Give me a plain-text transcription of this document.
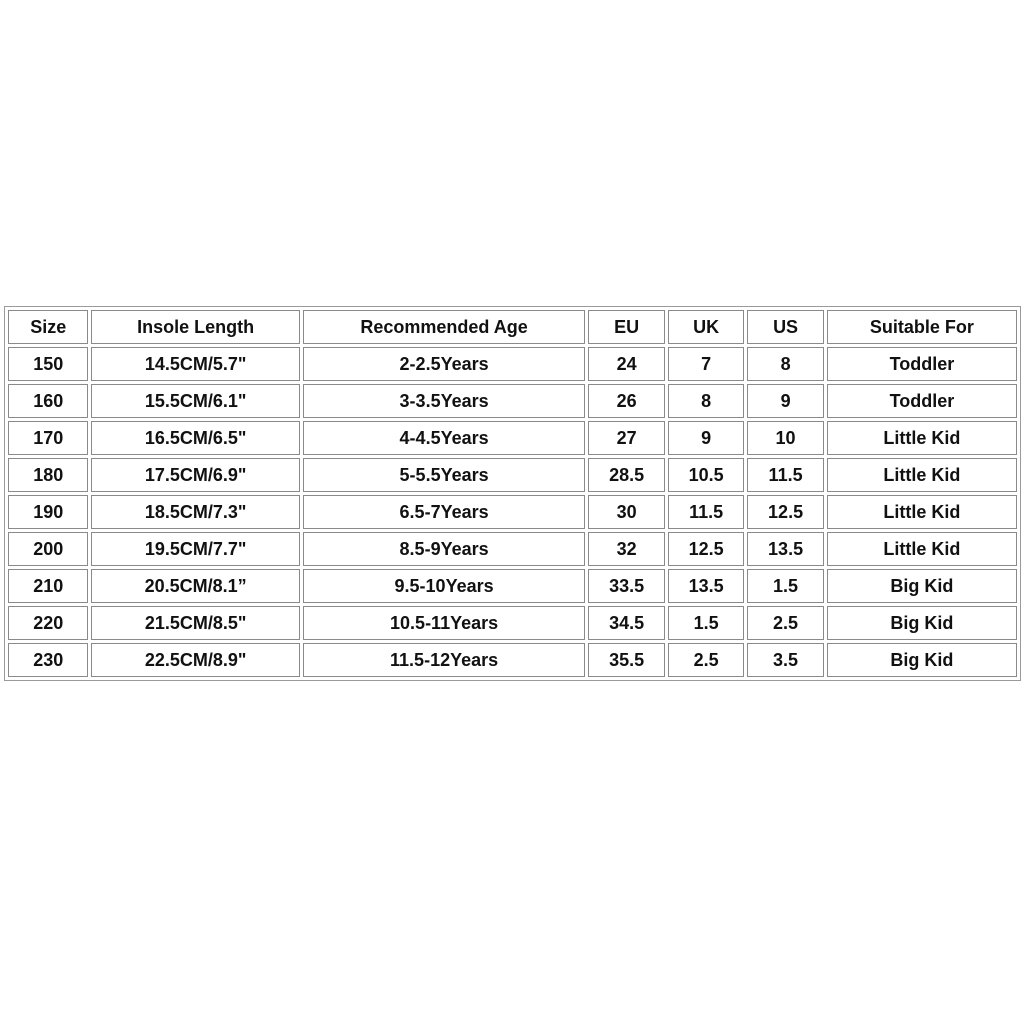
Size	Insole Length	Recommended Age	EU	UK	US	Suitable For
150	14.5CM/5.7"	2-2.5Years	24	7	8	Toddler
160	15.5CM/6.1"	3-3.5Years	26	8	9	Toddler
170	16.5CM/6.5"	4-4.5Years	27	9	10	Little Kid
180	17.5CM/6.9"	5-5.5Years	28.5	10.5	11.5	Little Kid
190	18.5CM/7.3"	6.5-7Years	30	11.5	12.5	Little Kid
200	19.5CM/7.7"	8.5-9Years	32	12.5	13.5	Little Kid
210	20.5CM/8.1”	9.5-10Years	33.5	13.5	1.5	Big Kid
220	21.5CM/8.5"	10.5-11Years	34.5	1.5	2.5	Big Kid
230	22.5CM/8.9"	11.5-12Years	35.5	2.5	3.5	Big Kid
